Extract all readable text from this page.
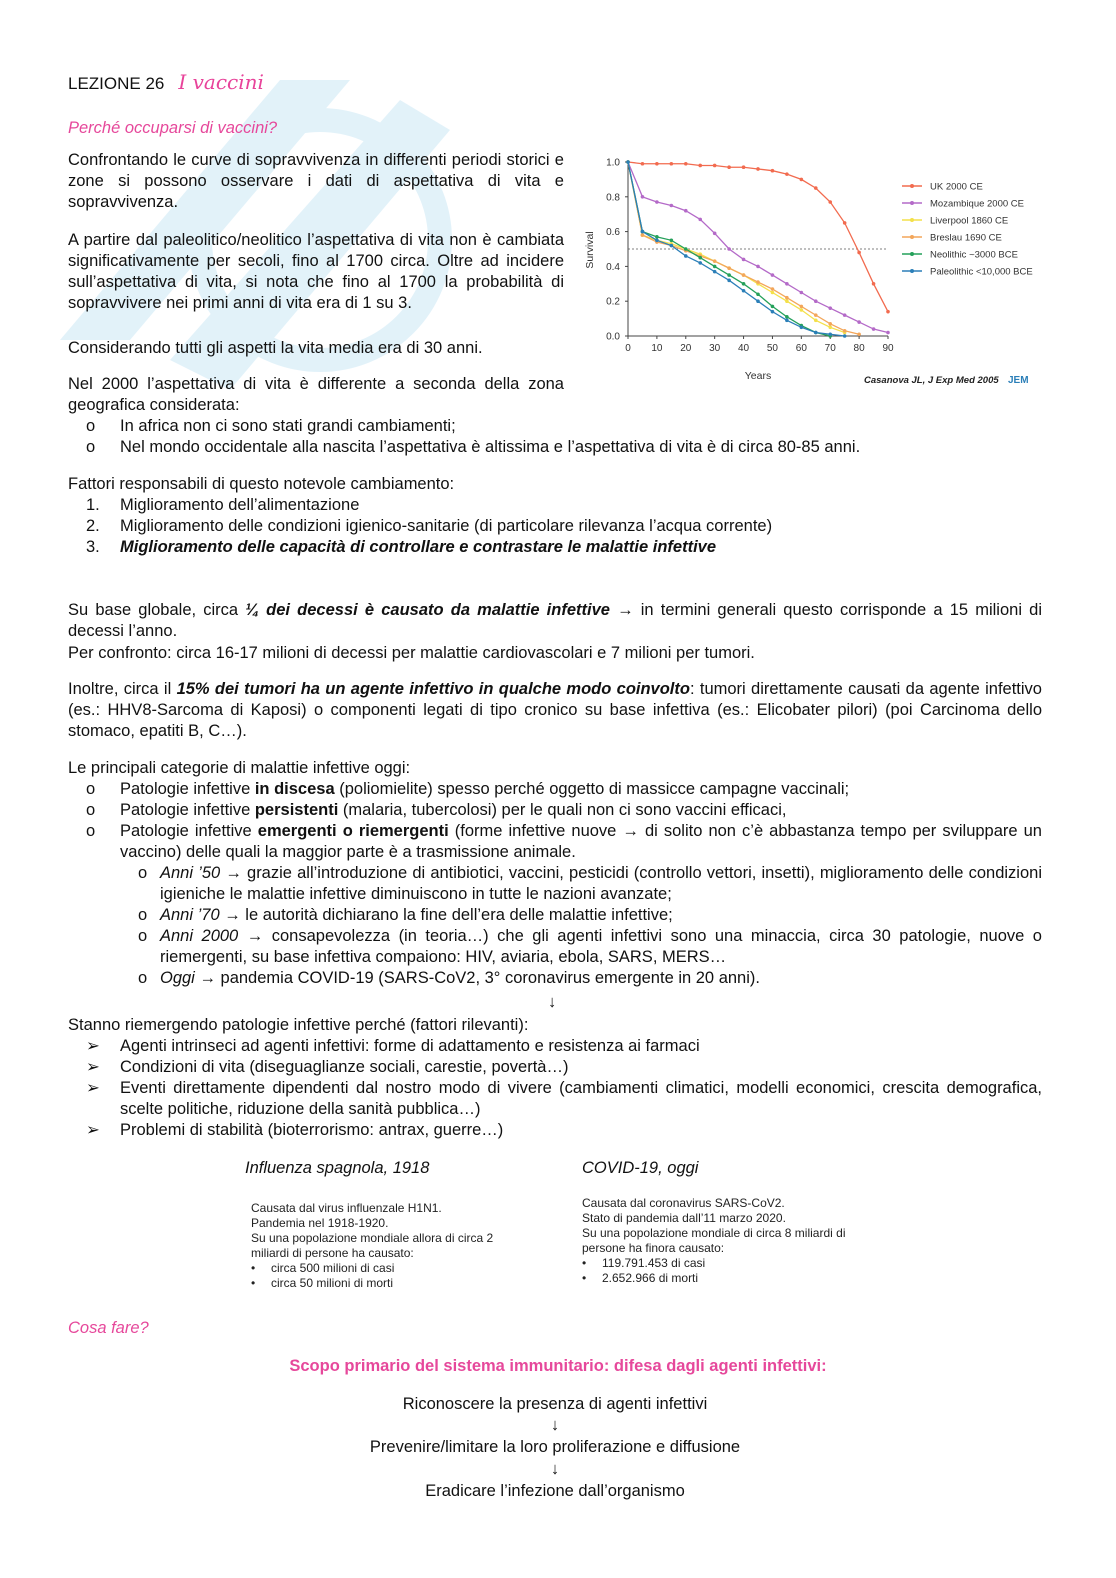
LEZIONE 26 I vaccini
Perché occuparsi di vaccini?
Confrontando le curve di sopravvivenza in differenti periodi storici e zone si possono osservare i dati di aspettativa di vita e sopravvivenza.
A partire dal paleolitico/neolitico l’aspettativa di vita non è cambiata significativamente per secoli, fino al 1700 circa. Oltre ad incidere sull’aspettativa di vita, si nota che fino al 1700 la probabilità di sopravvivere nei primi anni di vita era di 1 su 3.
Considerando tutti gli aspetti la vita media era di 30 anni.
Nel 2000 l’aspettativa di vita è differente a seconda della zona geografica considerata:
o In africa non ci sono stati grandi cambiamenti;
o Nel mondo occidentale alla nascita l’aspettativa è altissima e l’aspettativa di vita è di circa 80-85 anni.
0 10 20 30 40 50 60 70 80 90
0.0
0.2
0.4
0.6
0.8
1.0
UK 2000 CE
Mozambique 2000 CE
Liverpool 1860 CE
Breslau 1690 CE
Neolithic ~3000 BCE
Paleolithic <10,000 BCE
Years
Survival
Casanova JL, J Exp Med 2005 JEM
Fattori responsabili di questo notevole cambiamento:
1. Miglioramento dell’alimentazione
2. Miglioramento delle condizioni igienico-sanitarie (di particolare rilevanza l’acqua corrente)
3. Miglioramento delle capacità di controllare e contrastare le malattie infettive
Su base globale, circa ¼ dei decessi è causato da malattie infettive → in termini generali questo corrisponde a 15 milioni di decessi l’anno.
Per confronto: circa 16-17 milioni di decessi per malattie cardiovascolari e 7 milioni per tumori.
Inoltre, circa il 15% dei tumori ha un agente infettivo in qualche modo coinvolto: tumori direttamente causati da agente infettivo (es.: HHV8-Sarcoma di Kaposi) o componenti legati di tipo cronico su base infettiva (es.: Elicobater pilori) (poi Carcinoma dello stomaco, epatiti B, C…).
Le principali categorie di malattie infettive oggi:
o Patologie infettive in discesa (poliomielite) spesso perché oggetto di massicce campagne vaccinali;
o Patologie infettive persistenti (malaria, tubercolosi) per le quali non ci sono vaccini efficaci,
o Patologie infettive emergenti o riemergenti (forme infettive nuove → di solito non c’è abbastanza tempo per sviluppare un vaccino) delle quali la maggior parte è a trasmissione animale.
o Anni ’50 → grazie all’introduzione di antibiotici, vaccini, pesticidi (controllo vettori, insetti), miglioramento delle condizioni igieniche le malattie infettive diminuiscono in tutte le nazioni avanzate;
o Anni ’70 → le autorità dichiarano la fine dell’era delle malattie infettive;
o Anni 2000 → consapevolezza (in teoria…) che gli agenti infettivi sono una minaccia, circa 30 patologie, nuove o riemergenti, su base infettiva compaiono: HIV, aviaria, ebola, SARS, MERS…
o Oggi → pandemia COVID-19 (SARS-CoV2, 3° coronavirus emergente in 20 anni).
↓
Stanno riemergendo patologie infettive perché (fattori rilevanti):
➢ Agenti intrinseci ad agenti infettivi: forme di adattamento e resistenza ai farmaci
➢ Condizioni di vita (diseguaglianze sociali, carestie, povertà…)
➢ Eventi direttamente dipendenti dal nostro modo di vivere (cambiamenti climatici, modelli economici, crescita demografica, scelte politiche, riduzione della sanità pubblica…)
➢ Problemi di stabilità (bioterrorismo: antrax, guerre…)
Influenza spagnola, 1918	COVID-19, oggi
Causata dal virus influenzale H1N1.
Pandemia nel 1918-1920.
Su una popolazione mondiale allora di circa 2
miliardi di persone ha causato:
• circa 500 milioni di casi
• circa 50 milioni di morti
Causata dal coronavirus SARS-CoV2.
Stato di pandemia dall’11 marzo 2020.
Su una popolazione mondiale di circa 8 miliardi di
persone ha finora causato:
• 119.791.453 di casi
• 2.652.966 di morti
Cosa fare?
Scopo primario del sistema immunitario: difesa dagli agenti infettivi:
Riconoscere la presenza di agenti infettivi
↓
Prevenire/limitare la loro proliferazione e diffusione
↓
Eradicare l’infezione dall’organismo
